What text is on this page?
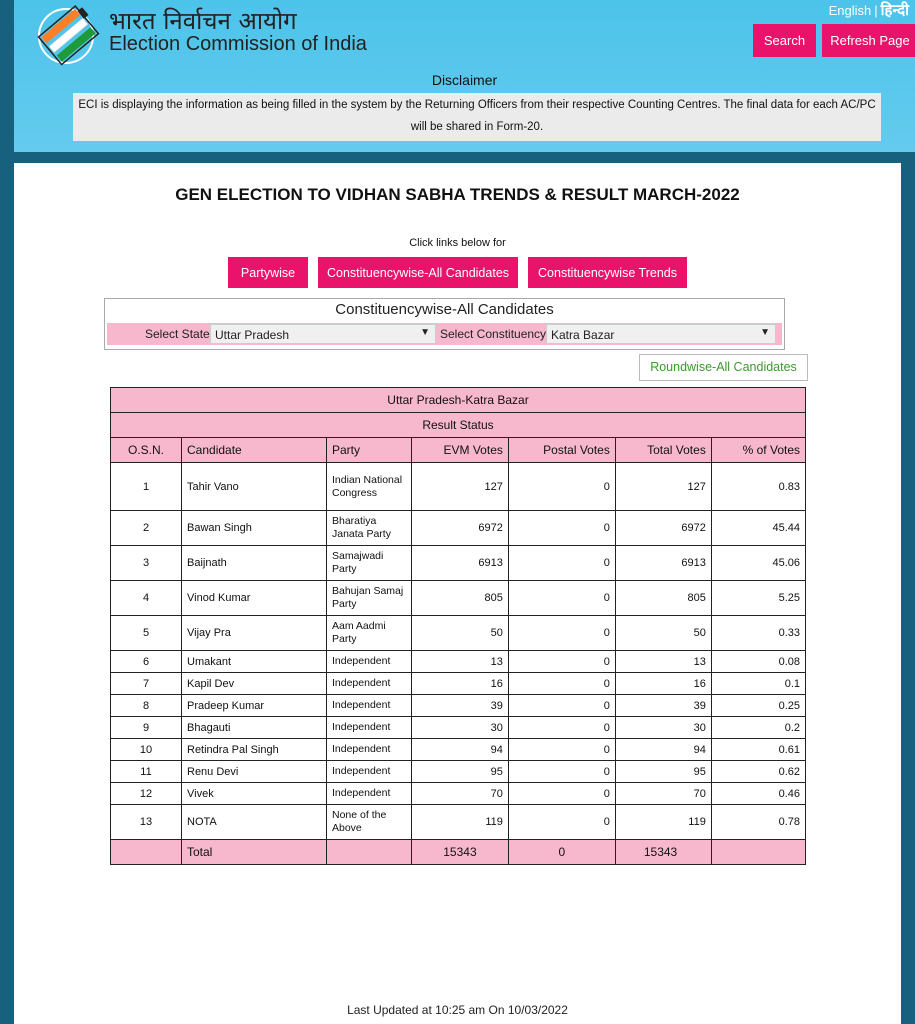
भारत निर्वाचन आयोग
Election Commission of India
English | हिन्दी
Search	Refresh Page
Disclaimer
ECI is displaying the information as being filled in the system by the Returning Officers from their respective Counting Centres. The final data for each AC/PC will be shared in Form-20.
GEN ELECTION TO VIDHAN SABHA TRENDS & RESULT MARCH-2022
Click links below for
Partywise	Constituencywise-All Candidates	Constituencywise Trends
Constituencywise-All Candidates
Select State Uttar Pradesh	▼ Select Constituency Katra Bazar	▼
Roundwise-All Candidates
Uttar Pradesh-Katra Bazar						
Result Status						
O.S.N.	Candidate	Party	EVM Votes	Postal Votes	Total Votes	% of Votes
1	Tahir Vano	Indian National Congress	127	0	127	0.83
2	Bawan Singh	Bharatiya Janata Party	6972	0	6972	45.44
3	Baijnath	Samajwadi Party	6913	0	6913	45.06
4	Vinod Kumar	Bahujan Samaj Party	805	0	805	5.25
5	Vijay Pra	Aam Aadmi Party	50	0	50	0.33
6	Umakant	Independent	13	0	13	0.08
7	Kapil Dev	Independent	16	0	16	0.1
8	Pradeep Kumar	Independent	39	0	39	0.25
9	Bhagauti	Independent	30	0	30	0.2
10	Retindra Pal Singh	Independent	94	0	94	0.61
11	Renu Devi	Independent	95	0	95	0.62
12	Vivek	Independent	70	0	70	0.46
13	NOTA	None of the Above	119	0	119	0.78
	Total		15343	0	15343	
Last Updated at 10:25 am On 10/03/2022
